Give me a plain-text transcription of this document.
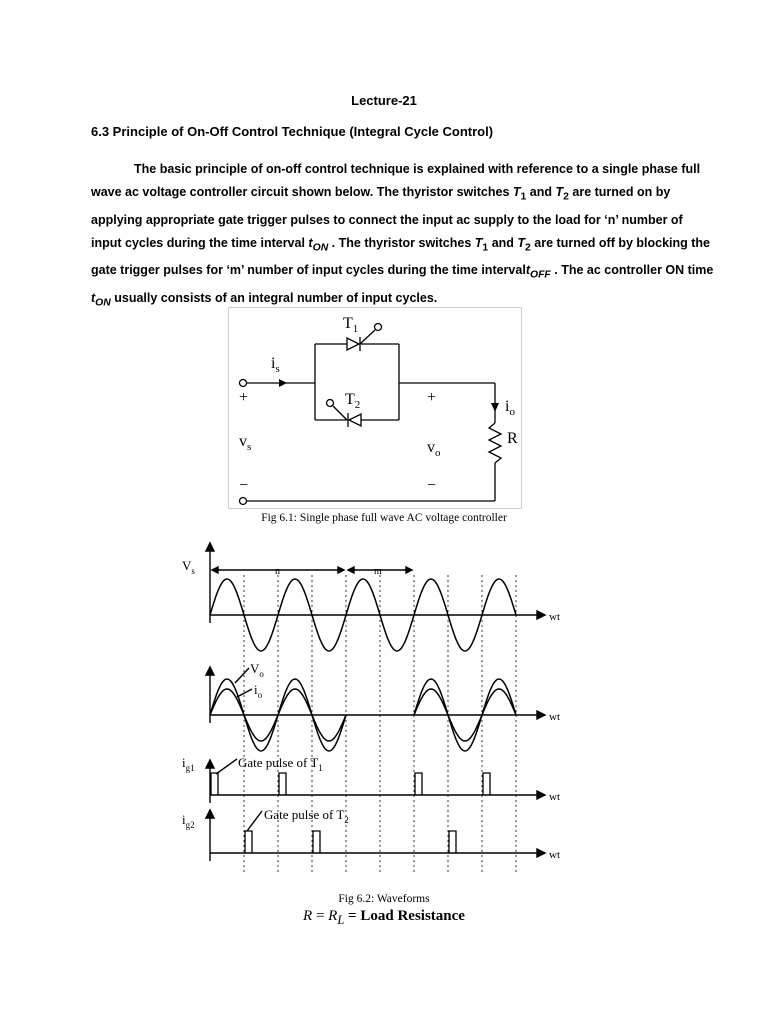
Lecture-21
6.3 Principle of On-Off Control Technique (Integral Cycle Control)
The basic principle of on-off control technique is explained with reference to a single phase full
wave ac voltage controller circuit shown below. The thyristor switches $T_1$ and $T_2$ are turned on by
applying appropriate gate trigger pulses to connect the input ac supply to the load for ‘n’ number of
input cycles during the time interval $t_{ON}$ . The thyristor switches $T_1$ and $T_2$ are turned off by blocking the
gate trigger pulses for ‘m’ number of input cycles during the time intervalt$_{OFF}$ . The ac controller ON time
$t_{ON}$ usually consists of an integral number of input cycles.
$T_1$
$T_2$
$i_s$
$i_o$
R
$v_s$	$v_o$
+	+
−	−
Fig 6.1: Single phase full wave AC voltage controller
$V_s$
$i_{g1}$
$i_{g2}$
$V_o$
$i_o$
Gate pulse of $T_1$
Gate pulse of $T_2$
n	m
wt
wt
wt
wt
Fig 6.2: Waveforms
$R = R_L$ = Load Resistance
